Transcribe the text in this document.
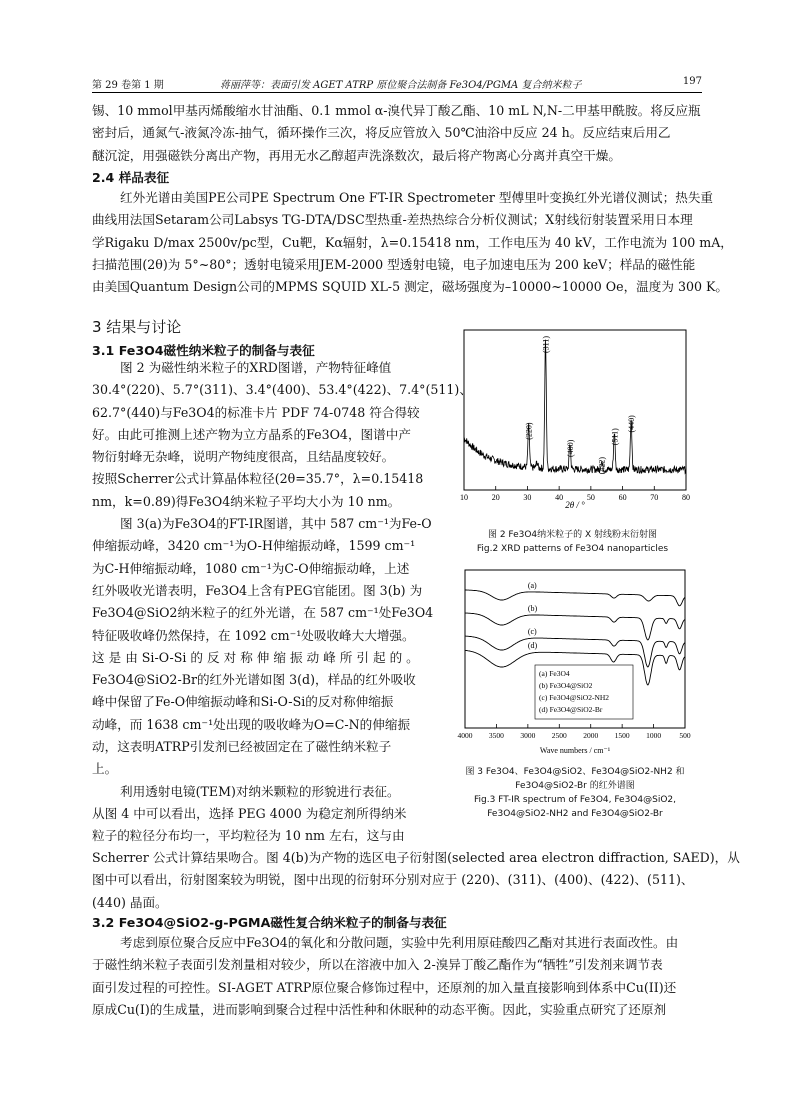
第 29 卷第 1 期	蒋丽萍等：表面引发 AGET ATRP 原位聚合法制备 Fe3O4/PGMA 复合纳米粒子	197
锡、10 mmol甲基丙烯酸缩水甘油酯、0.1 mmol α-溴代异丁酸乙酯、10 mL N,N-二甲基甲酰胺。将反应瓶
密封后，通氮气-液氮冷冻-抽气，循环操作三次，将反应管放入 50℃油浴中反应 24 h。反应结束后用乙
醚沉淀，用强磁铁分离出产物，再用无水乙醇超声洗涤数次，最后将产物离心分离并真空干燥。
2.4 样品表征
红外光谱由美国PE公司PE Spectrum One FT-IR Spectrometer 型傅里叶变换红外光谱仪测试；热失重
曲线用法国Setaram公司Labsys TG-DTA/DSC型热重-差热热综合分析仪测试；X射线衍射装置采用日本理
学Rigaku D/max 2500v/pc型，Cu靶，Kα辐射，λ=0.15418 nm，工作电压为 40 kV，工作电流为 100 mA，
扫描范围(2θ)为 5°~80°；透射电镜采用JEM-2000 型透射电镜，电子加速电压为 200 keV；样品的磁性能
由美国Quantum Design公司的MPMS SQUID XL-5 测定，磁场强度为–10000~10000 Oe，温度为 300 K。
3 结果与讨论
3.1 Fe3O4磁性纳米粒子的制备与表征
图 2 为磁性纳米粒子的XRD图谱，产物特征峰值
30.4°(220)、5.7°(311)、3.4°(400)、53.4°(422)、7.4°(511)、
62.7°(440)与Fe3O4的标准卡片 PDF 74-0748 符合得较
好。由此可推测上述产物为立方晶系的Fe3O4，图谱中产
物衍射峰无杂峰，说明产物纯度很高，且结晶度较好。
按照Scherrer公式计算晶体粒径(2θ=35.7°，λ=0.15418
nm，k=0.89)得Fe3O4纳米粒子平均大小为 10 nm。
图 3(a)为Fe3O4的FT-IR图谱，其中 587 cm⁻¹为Fe-O
伸缩振动峰，3420 cm⁻¹为O-H伸缩振动峰，1599 cm⁻¹
为C-H伸缩振动峰，1080 cm⁻¹为C-O伸缩振动峰，上述
红外吸收光谱表明，Fe3O4上含有PEG官能团。图 3(b) 为
Fe3O4@SiO2纳米粒子的红外光谱，在 587 cm⁻¹处Fe3O4
特征吸收峰仍然保持，在 1092 cm⁻¹处吸收峰大大增强。
这 是 由 Si-O-Si 的 反 对 称 伸 缩 振 动 峰 所 引 起 的 。
Fe3O4@SiO2-Br的红外光谱如图 3(d)，样品的红外吸收
峰中保留了Fe-O伸缩振动峰和Si-O-Si的反对称伸缩振
动峰，而 1638 cm⁻¹处出现的吸收峰为O=C-N的伸缩振
动，这表明ATRP引发剂已经被固定在了磁性纳米粒子
上。
利用透射电镜(TEM)对纳米颗粒的形貌进行表征。
从图 4 中可以看出，选择 PEG 4000 为稳定剂所得纳米
粒子的粒径分布均一，平均粒径为 10 nm 左右，这与由
Scherrer 公式计算结果吻合。图 4(b)为产物的选区电子衍射图(selected area electron diffraction, SAED)，从
图中可以看出，衍射图案较为明锐，图中出现的衍射环分别对应于 (220)、(311)、(400)、(422)、(511)、
(440) 晶面。
3.2 Fe3O4@SiO2-g-PGMA磁性复合纳米粒子的制备与表征
考虑到原位聚合反应中Fe3O4的氧化和分散问题，实验中先利用原硅酸四乙酯对其进行表面改性。由
于磁性纳米粒子表面引发剂量相对较少，所以在溶液中加入 2-溴异丁酸乙酯作为“牺牲”引发剂来调节表
面引发过程的可控性。SI-AGET ATRP原位聚合修饰过程中，还原剂的加入量直接影响到体系中Cu(II)还
原成Cu(I)的生成量，进而影响到聚合过程中活性种和休眠种的动态平衡。因此，实验重点研究了还原剂
10	20	30	40	50	60	70	80
(220)
(311)
(400)
(422)
(511)
(440)
2θ / °
图 2 Fe3O4纳米粒子的 X 射线粉末衍射图
Fig.2 XRD patterns of Fe3O4 nanoparticles
4000 3500 3000 2500 2000 1500 1000 500
(a)
(b)
(c)
(d)
(a) Fe3O4
(b) Fe3O4@SiO2
(c) Fe3O4@SiO2-NH2
(d) Fe3O4@SiO2-Br
Wave numbers / cm⁻¹
图 3 Fe3O4、Fe3O4@SiO2、Fe3O4@SiO2-NH2 和
Fe3O4@SiO2-Br 的红外谱图
Fig.3 FT-IR spectrum of Fe3O4, Fe3O4@SiO2,
Fe3O4@SiO2-NH2 and Fe3O4@SiO2-Br
